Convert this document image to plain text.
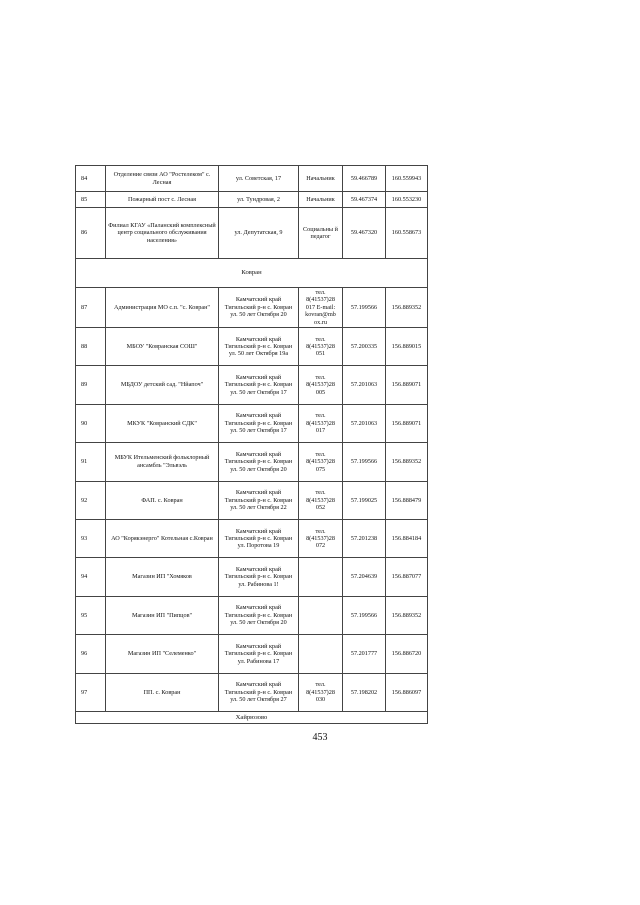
84	Отделение связи АО "Ростелеком" с. Лесная	ул. Советская, 17	Начальник	59.466789	160.559943
85	Пожарный пост с. Лесная	ул. Тундровая, 2	Начальник	59.467374	160.553230
86	Филиал КГАУ «Паланский комплексный центр социального обслуживания населения»	ул. Депутатская, 9	Социальны й педагог	59.467320	160.558673
Ковран					
87	Администрация МО с.п. "с. Ковран"	Камчатский край Тигильский р-н с. Ковран ул. 50 лет Октября 20	тел. 8(41537)28 017 E-mail: kovran@mb ox.ru	57.199566	156.889352
88	МБОУ "Ковранская СОШ"	Камчатский край Тигильский р-н с. Ковран ул. 50 лет Октября 19а	тел. 8(41537)28 051	57.200335	156.889015
89	МБДОУ детский сад. "Нйапоч"	Камчатский край Тигильский р-н с. Ковран ул. 50 лет Октября 17	тел. 8(41537)28 005	57.201063	156.889071
90	МКУК "Ковранский СДК"	Камчатский край Тигильский р-н с. Ковран ул. 50 лет Октября 17	тел. 8(41537)28 017	57.201063	156.889071
91	МБУК Ительменский фольклорный ансамбль "Эльвэль	Камчатский край Тигильский р-н с. Ковран ул. 50 лет Октября 20	тел. 8(41537)28 075	57.199566	156.889352
92	ФАП. с. Ковран	Камчатский край Тигильский р-н с. Ковран ул. 50 лет Октября 22	тел. 8(41537)28 052	57.199025	156.888479
93	АО "Корякэнерго" Котельная с.Ковран	Камчатский край Тигильский р-н с. Ковран ул. Поротова 19	тел. 8(41537)28 072	57.201238	156.884184
94	Магазин ИП "Хомяков	Камчатский край Тигильский р-н с. Ковран ул. Рабинова 1!		57.204639	156.887077
95	Магазин ИП "Пипцов"	Камчатский край Тигильский р-н с. Ковран ул. 50 лет Октября 20		57.199566	156.889352
96	Магазин ИП "Селеменко"	Камчатский край Тигильский р-н с. Ковран ул. Рабинова 17		57.201777	156.886720
97	ПП. с. Ковран	Камчатский край Тигильский р-н с. Ковран ул. 50 лет Октября 27	тел. 8(41537)28 030	57.198202	156.886097
Хайрюзово					
453
